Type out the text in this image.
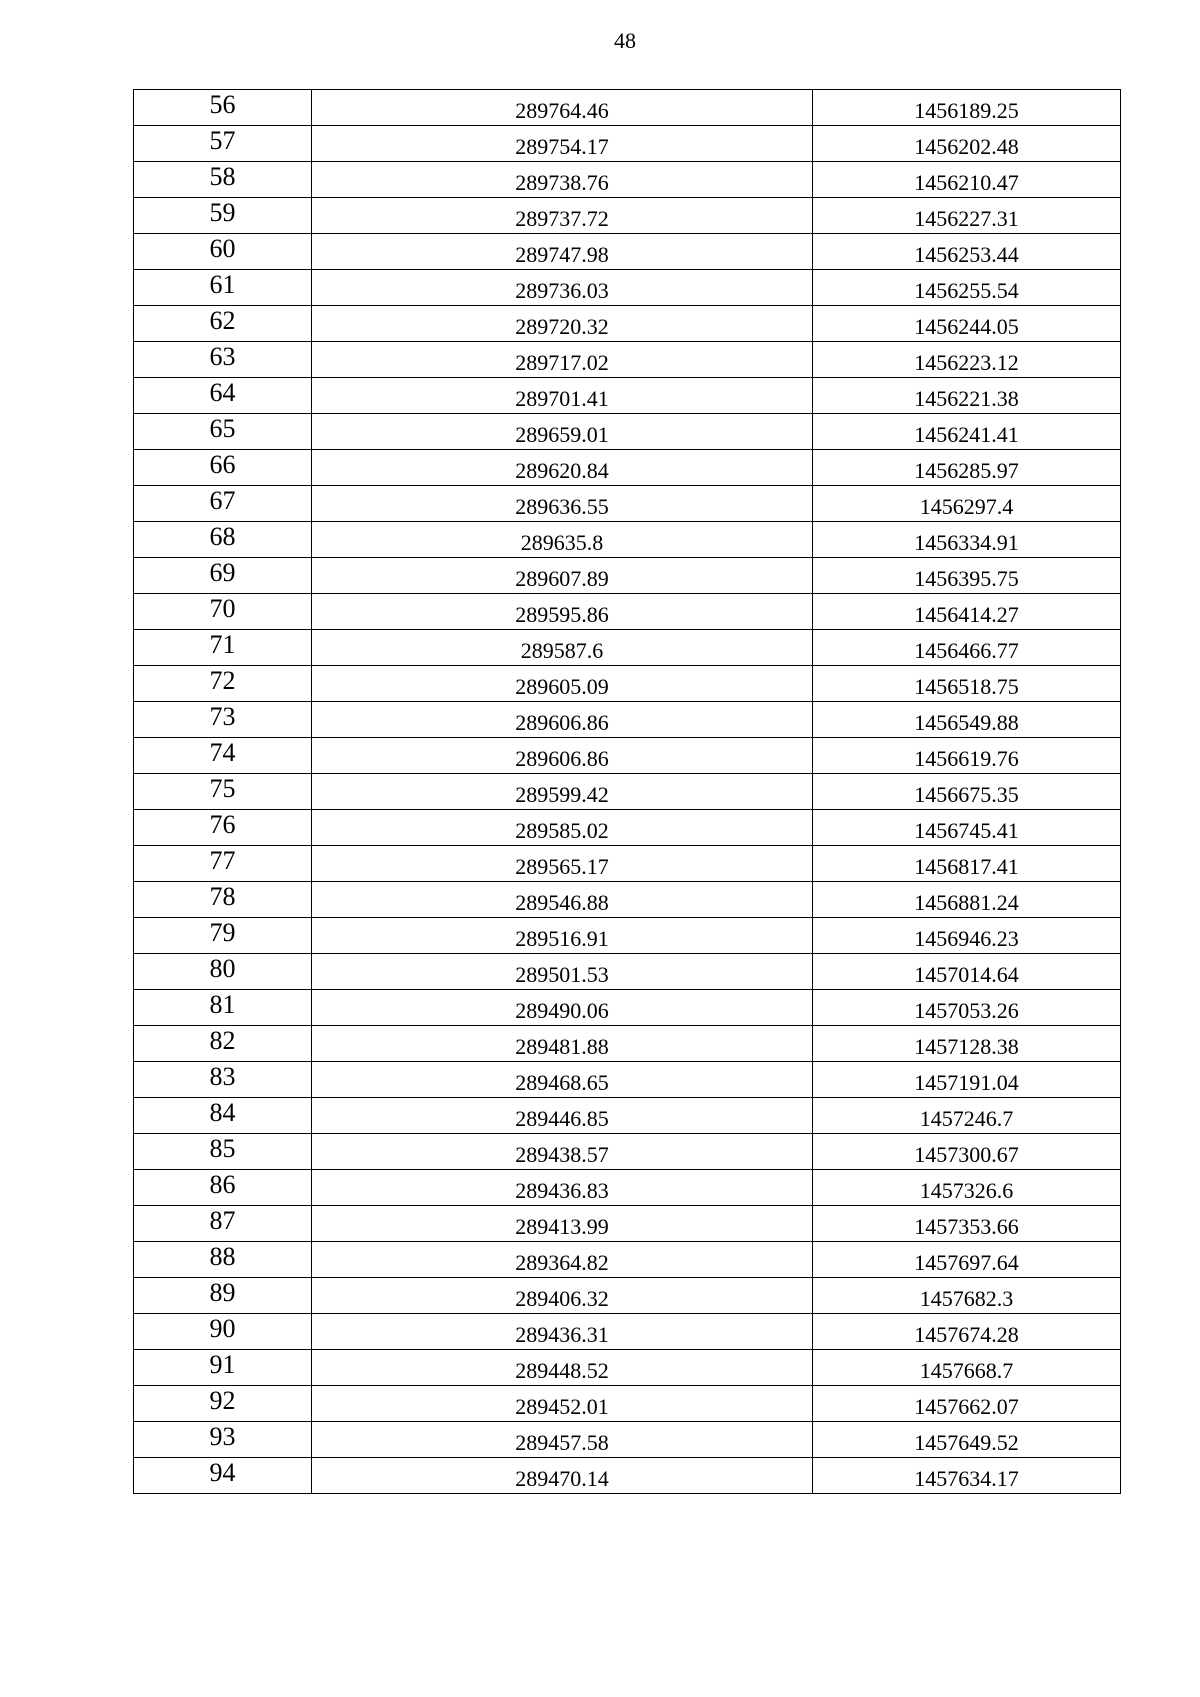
48
56	289764.46	1456189.25
57	289754.17	1456202.48
58	289738.76	1456210.47
59	289737.72	1456227.31
60	289747.98	1456253.44
61	289736.03	1456255.54
62	289720.32	1456244.05
63	289717.02	1456223.12
64	289701.41	1456221.38
65	289659.01	1456241.41
66	289620.84	1456285.97
67	289636.55	1456297.4
68	289635.8	1456334.91
69	289607.89	1456395.75
70	289595.86	1456414.27
71	289587.6	1456466.77
72	289605.09	1456518.75
73	289606.86	1456549.88
74	289606.86	1456619.76
75	289599.42	1456675.35
76	289585.02	1456745.41
77	289565.17	1456817.41
78	289546.88	1456881.24
79	289516.91	1456946.23
80	289501.53	1457014.64
81	289490.06	1457053.26
82	289481.88	1457128.38
83	289468.65	1457191.04
84	289446.85	1457246.7
85	289438.57	1457300.67
86	289436.83	1457326.6
87	289413.99	1457353.66
88	289364.82	1457697.64
89	289406.32	1457682.3
90	289436.31	1457674.28
91	289448.52	1457668.7
92	289452.01	1457662.07
93	289457.58	1457649.52
94	289470.14	1457634.17
